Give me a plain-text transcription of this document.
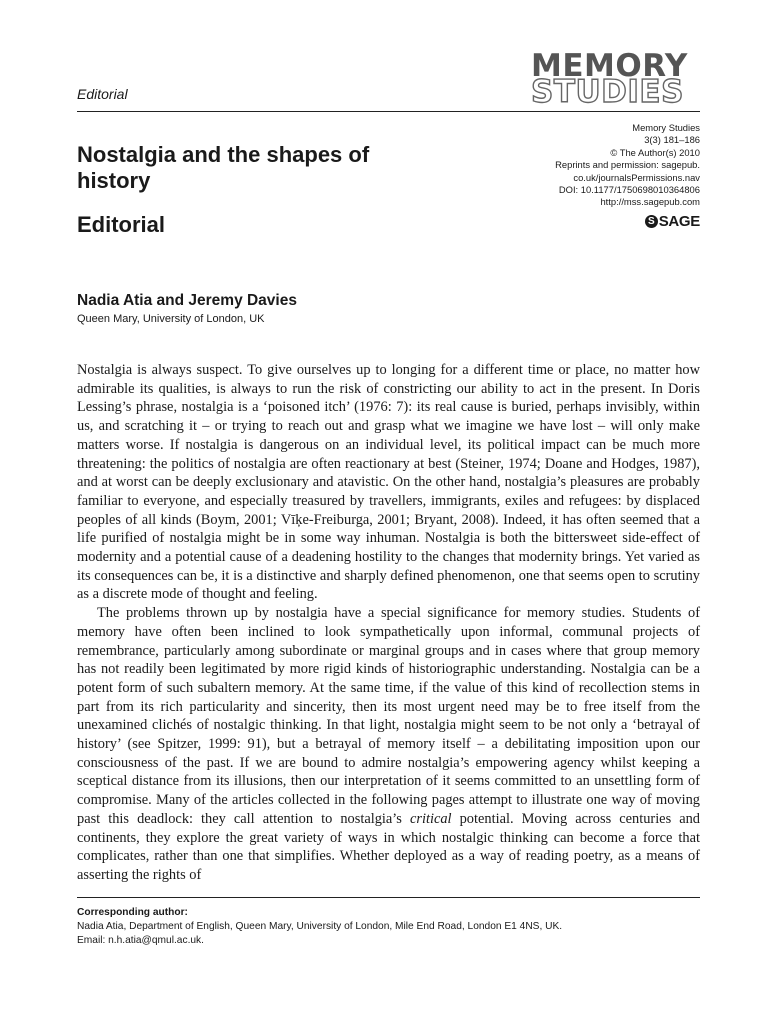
MEMORY
STUDIES
Editorial
Memory Studies
3(3) 181–186
© The Author(s) 2010
Reprints and permission: sagepub.
co.uk/journalsPermissions.nav
DOI: 10.1177/1750698010364806
http://mss.sagepub.com
S SAGE
Nostalgia and the shapes of history
Editorial
Nadia Atia and Jeremy Davies
Queen Mary, University of London, UK

Nostalgia is always suspect. To give ourselves up to longing for a different time or place, no matter how admirable its qualities, is always to run the risk of constricting our ability to act in the present. In Doris Lessing’s phrase, nostalgia is a ‘poisoned itch’ (1976: 7): its real cause is buried, perhaps invisibly, within us, and scratching it – or trying to reach out and grasp what we imagine we have lost – will only make matters worse. If nostalgia is dangerous on an individual level, its political impact can be much more threatening: the politics of nostalgia are often reactionary at best (Steiner, 1974; Doane and Hodges, 1987), and at worst can be deeply exclusionary and atavistic. On the other hand, nostalgia’s pleasures are probably familiar to everyone, and especially treasured by travellers, immigrants, exiles and refugees: by displaced peoples of all kinds (Boym, 2001; Vīķe-Freiburga, 2001; Bryant, 2008). Indeed, it has often seemed that a life purified of nostalgia might be in some way inhuman. Nostalgia is both the bittersweet side-effect of modernity and a potential cause of a deadening hostility to the changes that modernity brings. Yet varied as its consequences can be, it is a distinctive and sharply defined phenomenon, one that seems open to scrutiny as a discrete mode of thought and feeling.

The problems thrown up by nostalgia have a special significance for memory studies. Students of memory have often been inclined to look sympathetically upon informal, communal projects of remembrance, particularly among subordinate or marginal groups and in cases where that group memory has not readily been legitimated by more rigid kinds of historiographic understanding. Nostalgia can be a potent form of such subaltern memory. At the same time, if the value of this kind of recollection stems in part from its rich particularity and sincerity, then its most urgent need may be to free itself from the unexamined clichés of nostalgic thinking. In that light, nostalgia might seem to be not only a ‘betrayal of history’ (see Spitzer, 1999: 91), but a betrayal of memory itself – a debilitating imposition upon our consciousness of the past. If we are bound to admire nostalgia’s empowering agency whilst keeping a sceptical distance from its illusions, then our interpretation of it seems committed to an unsettling form of compromise. Many of the articles collected in the following pages attempt to illustrate one way of moving past this deadlock: they call attention to nostalgia’s critical potential. Moving across centuries and continents, they explore the great variety of ways in which nostalgic thinking can become a force that complicates, rather than one that simplifies. Whether deployed as a way of reading poetry, as a means of asserting the rights of

Corresponding author:
Nadia Atia, Department of English, Queen Mary, University of London, Mile End Road, London E1 4NS, UK.
Email: n.h.atia@qmul.ac.uk.
